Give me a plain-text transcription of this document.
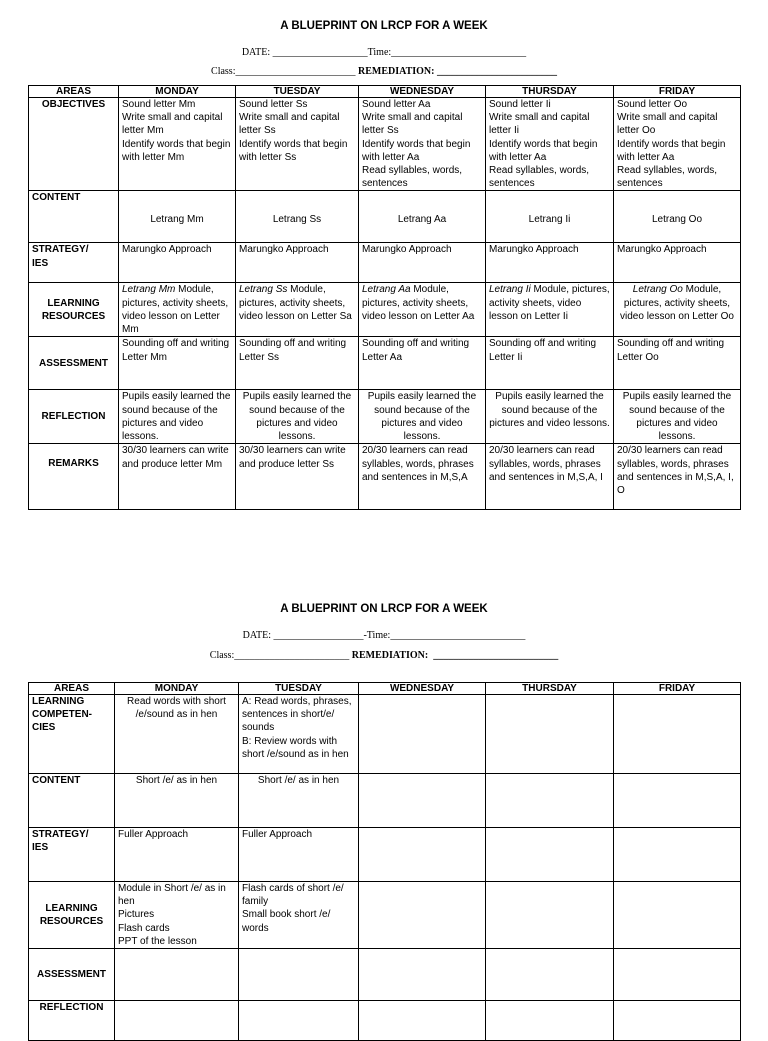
A BLUEPRINT ON LRCP FOR A WEEK
DATE: ___________________Time:___________________________
Class:________________________ REMEDIATION: ________________________
AREAS	MONDAY	TUESDAY	WEDNESDAY	THURSDAY	FRIDAY
OBJECTIVES	Sound letter Mm
Write small and capital letter Mm
Identify words that begin with letter Mm	Sound letter Ss
Write small and capital letter Ss
Identify words that begin with letter Ss	Sound letter Aa
Write small and capital letter Ss
Identify words that begin with letter Aa
Read syllables, words, sentences	Sound letter Ii
Write small and capital letter Ii
Identify words that begin with letter Aa
Read syllables, words, sentences	Sound letter Oo
Write small and capital letter Oo
Identify words that begin with letter Aa
Read syllables, words, sentences
CONTENT	Letrang Mm	Letrang Ss	Letrang Aa	Letrang Ii	Letrang Oo
STRATEGY/
IES	Marungko Approach	Marungko Approach	Marungko Approach	Marungko Approach	Marungko Approach
LEARNING
RESOURCES	Letrang Mm Module, pictures, activity sheets, video lesson on Letter Mm	Letrang Ss Module, pictures, activity sheets, video lesson on Letter Sa	Letrang Aa Module, pictures, activity sheets, video lesson on Letter Aa	Letrang Ii Module, pictures, activity sheets, video lesson on Letter Ii	Letrang Oo Module, pictures, activity sheets, video lesson on Letter Oo
ASSESSMENT	Sounding off and writing Letter Mm	Sounding off and writing Letter Ss	Sounding off and writing Letter Aa	Sounding off and writing Letter Ii	Sounding off and writing Letter Oo
REFLECTION	Pupils easily learned the sound because of the pictures and video lessons.	Pupils easily learned the sound because of the pictures and video lessons.	Pupils easily learned the sound because of the pictures and video lessons.	Pupils easily learned the sound because of the pictures and video lessons.	Pupils easily learned the sound because of the pictures and video lessons.
REMARKS	30/30 learners can write and produce letter Mm	30/30 learners can write and produce letter Ss	20/30 learners can read syllables, words, phrases and sentences in M,S,A	20/30 learners can read syllables, words, phrases and sentences in M,S,A, I	20/30 learners can read syllables, words, phrases and sentences in M,S,A, I, O
A BLUEPRINT ON LRCP FOR A WEEK
DATE: __________________-Time:___________________________
Class:_______________________ REMEDIATION:  _________________________
AREAS	MONDAY	TUESDAY	WEDNESDAY	THURSDAY	FRIDAY
LEARNING
COMPETEN-
CIES	Read words with short /e/sound as in hen	A: Read words, phrases, sentences in short/e/ sounds
B: Review words with short /e/sound as in hen			
CONTENT	Short /e/ as in hen	Short /e/ as in hen			
STRATEGY/
IES	Fuller Approach	Fuller Approach			
LEARNING
RESOURCES	Module in Short /e/ as in hen
Pictures
Flash cards
PPT of the lesson	Flash cards of short /e/ family
Small book short /e/ words			
ASSESSMENT					
REFLECTION					
